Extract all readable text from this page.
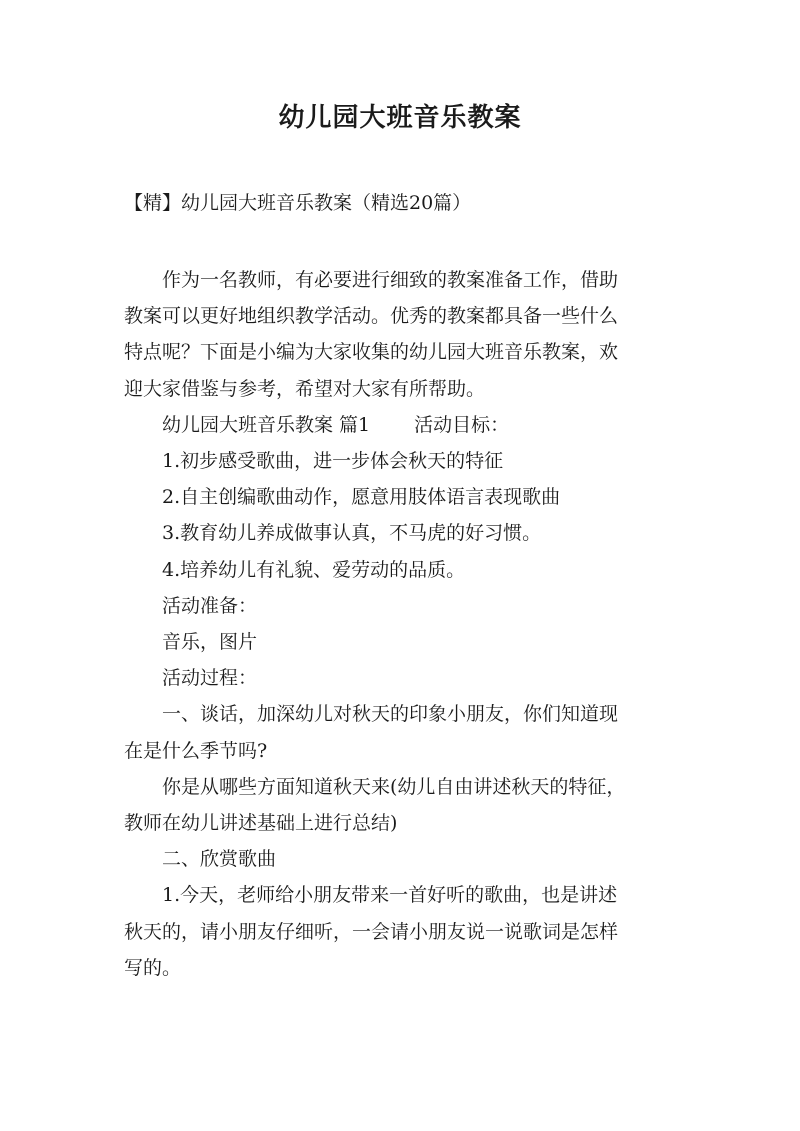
幼儿园大班音乐教案
【精】幼儿园大班音乐教案（精选20篇）
作为一名教师，有必要进行细致的教案准备工作，借助
教案可以更好地组织教学活动。优秀的教案都具备一些什么
特点呢？下面是小编为大家收集的幼儿园大班音乐教案，欢
迎大家借鉴与参考，希望对大家有所帮助。
幼儿园大班音乐教案 篇1 活动目标：
1.初步感受歌曲，进一步体会秋天的特征
2.自主创编歌曲动作，愿意用肢体语言表现歌曲
3.教育幼儿养成做事认真，不马虎的好习惯。
4.培养幼儿有礼貌、爱劳动的品质。
活动准备：
音乐，图片
活动过程：
一、谈话，加深幼儿对秋天的印象小朋友，你们知道现
在是什么季节吗?
你是从哪些方面知道秋天来(幼儿自由讲述秋天的特征，
教师在幼儿讲述基础上进行总结)
二、欣赏歌曲
1.今天，老师给小朋友带来一首好听的歌曲，也是讲述
秋天的，请小朋友仔细听，一会请小朋友说一说歌词是怎样
写的。
